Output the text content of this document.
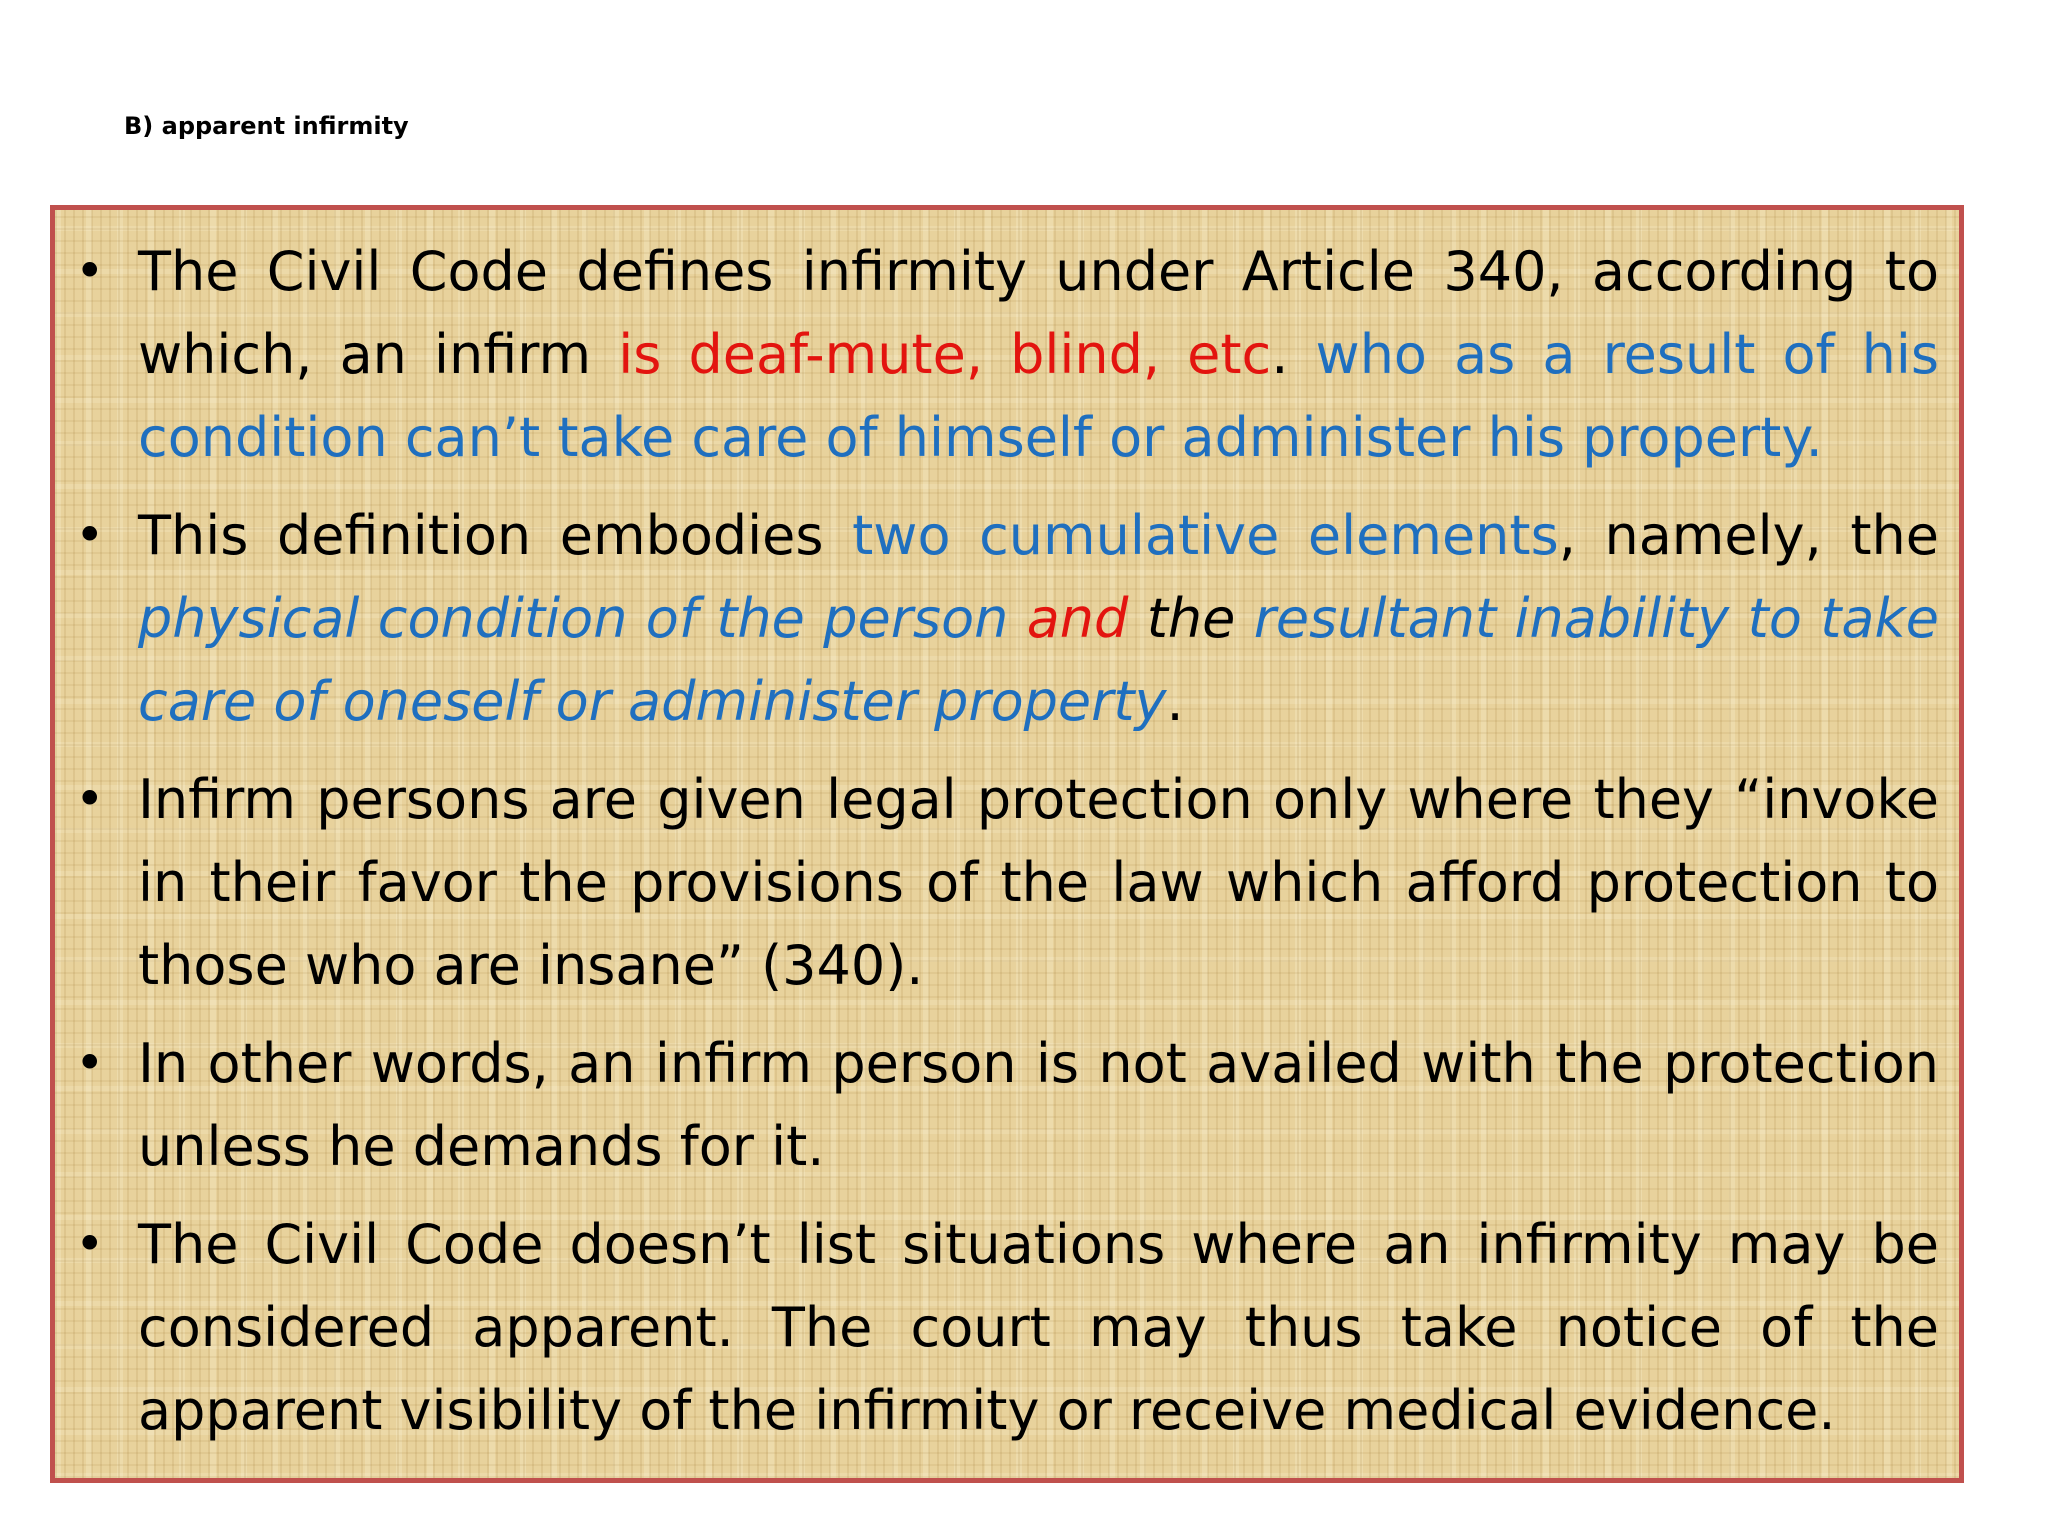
B) apparent infirmity
• The Civil Code defines infirmity under Article 340, according to which, an infirm is deaf-mute, blind, etc. who as a result of his condition can’t take care of himself or administer his property.
• This definition embodies two cumulative elements, namely, the physical condition of the person and the resultant inability to take care of oneself or administer property.
• Infirm persons are given legal protection only where they “invoke in their favor the provisions of the law which afford protection to those who are insane” (340).
• In other words, an infirm person is not availed with the protection unless he demands for it.
• The Civil Code doesn’t list situations where an infirmity may be considered apparent. The court may thus take notice of the apparent visibility of the infirmity or receive medical evidence.
